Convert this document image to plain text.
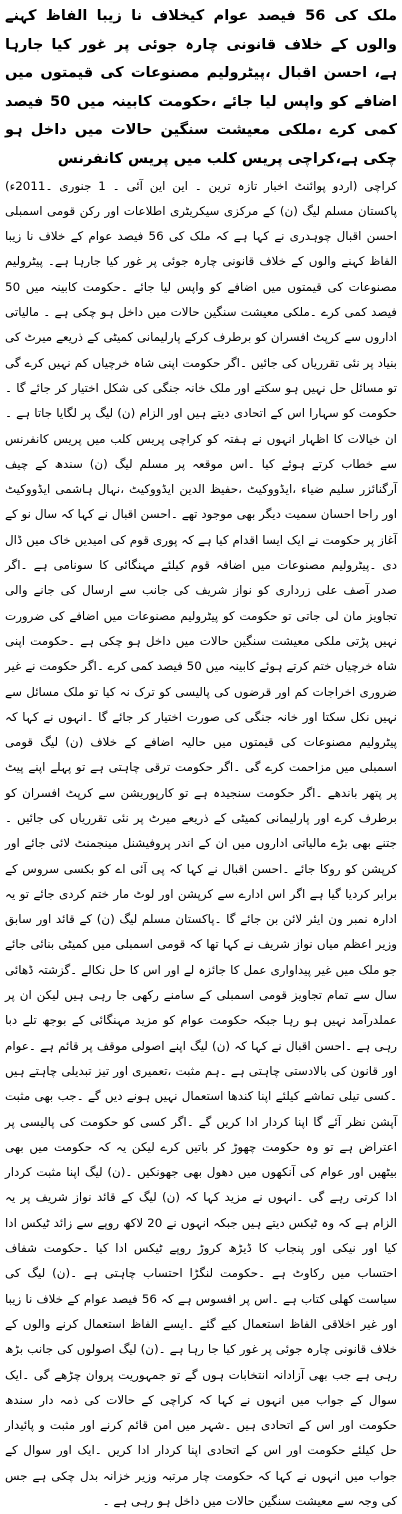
ملک کی 56 فیصد عوام کیخلاف نا زیبا الفاظ کہنے والوں کے خلاف قانونی چارہ جوئی پر غور کیا جارہا ہے، احسن اقبال ،پیٹرولیم مصنوعات کی قیمتوں میں اضافے کو واپس لیا جائے ،حکومت کابینہ میں 50 فیصد کمی کرے ،ملکی معیشت سنگین حالات میں داخل ہو چکی ہے،کراچی پریس کلب میں پریس کانفرنس

کراچی (اردو پوائنٹ اخبار تازہ ترین ۔ این این آئی ۔ 1 جنوری ۔2011ء) پاکستان مسلم لیگ (ن) کے مرکزی سیکریٹری اطلاعات اور رکن قومی اسمبلی احسن اقبال چوہدری نے کہا ہے کہ ملک کی 56 فیصد عوام کے خلاف نا زیبا الفاظ کہنے والوں کے خلاف قانونی چارہ جوئی پر غور کیا جارہا ہے۔ پیٹرولیم مصنوعات کی قیمتوں میں اضافے کو واپس لیا جائے ۔حکومت کابینہ میں 50 فیصد کمی کرے ۔ملکی معیشت سنگین حالات میں داخل ہو چکی ہے ۔ مالیاتی اداروں سے کرپٹ افسران کو برطرف کرکے پارلیمانی کمیٹی کے ذریعے میرٹ کی بنیاد پر نئی تقرریاں کی جائیں ۔اگر حکومت اپنی شاہ خرچیاں کم نہیں کرے گی تو مسائل حل نہیں ہو سکتے اور ملک خانہ جنگی کی شکل اختیار کر جائے گا ۔حکومت کو سہارا اس کے اتحادی دیتے ہیں اور الزام (ن) لیگ پر لگایا جاتا ہے ۔ان خیالات کا اظہار انہوں نے ہفتہ کو کراچی پریس کلب میں پریس کانفرنس سے خطاب کرتے ہوئے کیا ۔اس موقعہ پر مسلم لیگ (ن) سندھ کے چیف آرگنائزر سلیم ضیاء ،ایڈووکیٹ ،حفیظ الدین ایڈووکیٹ ،نہال ہاشمی ایڈووکیٹ اور راحا احسان سمیت دیگر بھی موجود تھے ۔احسن اقبال نے کہا کہ سال نو کے آغاز پر حکومت نے ایک ایسا اقدام کیا ہے کہ پوری قوم کی امیدیں خاک میں ڈال دی ۔پیٹرولیم مصنوعات میں اضافہ قوم کیلئے مہنگائی کا سونامی ہے ۔اگر صدر آصف علی زرداری کو نواز شریف کی جانب سے ارسال کی جانے والی تجاویز مان لی جاتی تو حکومت کو پیٹرولیم مصنوعات میں اضافے کی ضرورت نہیں پڑتی ملکی معیشت سنگین حالات میں داخل ہو چکی ہے ۔حکومت اپنی شاہ خرچیاں ختم کرتے ہوئے کابینہ میں 50 فیصد کمی کرے ۔اگر حکومت نے غیر ضروری اخراجات کم اور قرضوں کی پالیسی کو ترک نہ کیا تو ملک مسائل سے نہیں نکل سکتا اور خانہ جنگی کی صورت اختیار کر جائے گا ۔انہوں نے کہا کہ پیٹرولیم مصنوعات کی قیمتوں میں حالیہ اضافے کے خلاف (ن) لیگ قومی اسمبلی میں مزاحمت کرے گی ۔اگر حکومت ترقی چاہتی ہے تو پہلے اپنے پیٹ پر پتھر باندھے ۔اگر حکومت سنجیدہ ہے تو کارپوریشن سے کرپٹ افسران کو برطرف کرے اور پارلیمانی کمیٹی کے ذریعے میرٹ پر نئی تقرریاں کی جائیں ۔جتنے بھی بڑے مالیاتی اداروں میں ان کے اندر پروفیشنل مینجمنٹ لائی جائے اور کرپشن کو روکا جائے ۔احسن اقبال نے کہا کہ پی آئی اے کو بکسی سروس کے برابر کردیا گیا ہے اگر اس ادارے سے کرپشن اور لوٹ مار ختم کردی جائے تو یہ ادارہ نمبر ون ایئر لائن بن جائے گا ۔پاکستان مسلم لیگ (ن) کے قائد اور سابق وزیر اعظم میاں نواز شریف نے کہا تھا کہ قومی اسمبلی میں کمیٹی بنائی جائے جو ملک میں غیر پیداواری عمل کا جائزہ لے اور اس کا حل نکالے ۔گزشتہ ڈھائی سال سے تمام تجاویز قومی اسمبلی کے سامنے رکھی جا رہی ہیں لیکن ان پر عملدرآمد نہیں ہو رہا جبکہ حکومت عوام کو مزید مہنگائی کے بوجھ تلے دبا رہی ہے ۔احسن اقبال نے کہا کہ (ن) لیگ اپنے اصولی موقف پر قائم ہے ۔عوام اور قانون کی بالادستی چاہتی ہے ۔ہم مثبت ،تعمیری اور تیز تبدیلی چاہتے ہیں ۔کسی تیلی تماشے کیلئے اپنا کندھا استعمال نہیں ہونے دیں گے ۔جب بھی مثبت آپشن نظر آئے گا اپنا کردار ادا کریں گے ۔اگر کسی کو حکومت کی پالیسی پر اعتراض ہے تو وہ حکومت چھوڑ کر باتیں کرے لیکن یہ کہ حکومت میں بھی بیٹھیں اور عوام کی آنکھوں میں دھول بھی جھونکیں ۔(ن) لیگ اپنا مثبت کردار ادا کرتی رہے گی ۔انہوں نے مزید کہا کہ (ن) لیگ کے قائد نواز شریف پر یہ الزام ہے کہ وہ ٹیکس دیتے ہیں جبکہ انہوں نے 20 لاکھ روپے سے زائد ٹیکس ادا کیا اور نیکی اور پنجاب کا ڈیڑھ کروڑ روپے ٹیکس ادا کیا ۔حکومت شفاف احتساب میں رکاوٹ ہے ۔حکومت لنگڑا احتساب چاہتی ہے ۔(ن) لیگ کی سیاست کھلی کتاب ہے ۔اس پر افسوس ہے کہ 56 فیصد عوام کے خلاف نا زیبا اور غیر اخلاقی الفاظ استعمال کیے گئے ۔ایسے الفاظ استعمال کرنے والوں کے خلاف قانونی چارہ جوئی پر غور کیا جا رہا ہے ۔(ن) لیگ اصولوں کی جانب بڑھ رہی ہے جب بھی آزادانہ انتخابات ہوں گے تو جمہوریت پروان چڑھے گی ۔ایک سوال کے جواب میں انہوں نے کہا کہ کراچی کے حالات کی ذمہ دار سندھ حکومت اور اس کے اتحادی ہیں ۔شہر میں امن قائم کرنے اور مثبت و پائیدار حل کیلئے حکومت اور اس کے اتحادی اپنا کردار ادا کریں ۔ایک اور سوال کے جواب میں انہوں نے کہا کہ حکومت چار مرتبہ وزیر خزانہ بدل چکی ہے جس کی وجہ سے معیشت سنگین حالات میں داخل ہو رہی ہے ۔
